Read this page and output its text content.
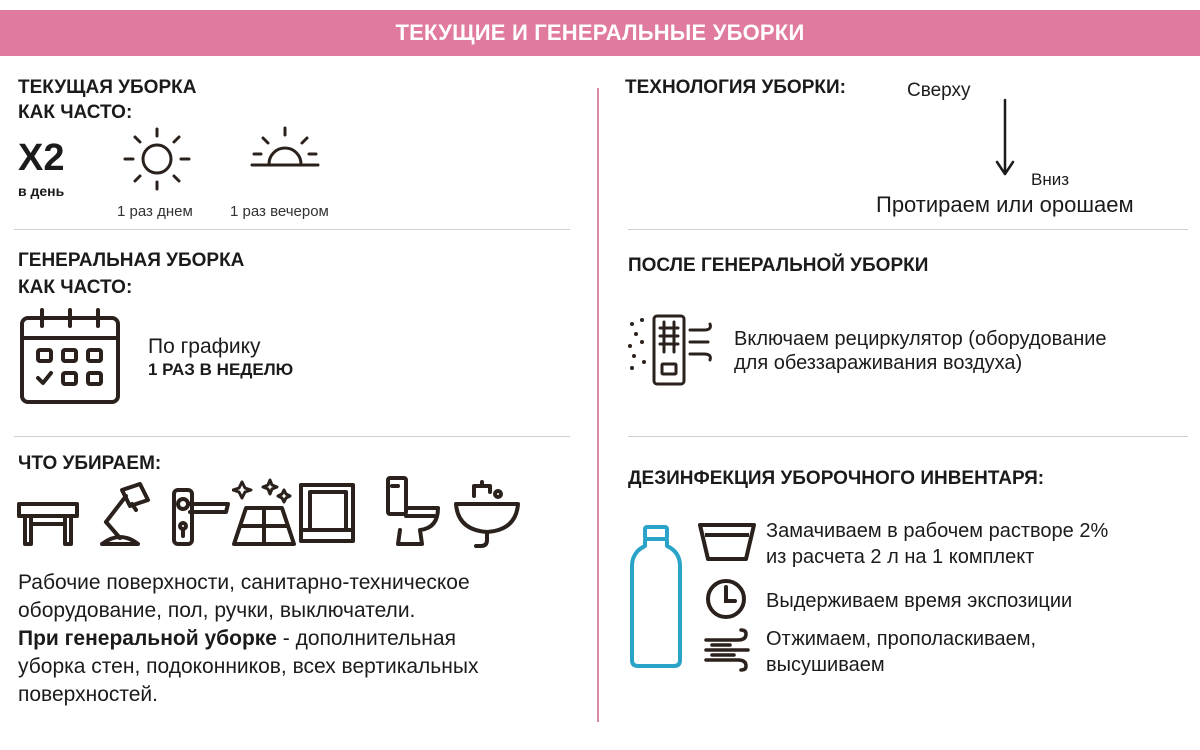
ТЕКУЩИЕ И ГЕНЕРАЛЬНЫЕ УБОРКИ
ТЕКУЩАЯ УБОРКА
КАК ЧАСТО:
Х2
в день
1 раз днем 1 раз вечером
ГЕНЕРАЛЬНАЯ УБОРКА
КАК ЧАСТО:
По графику
1 РАЗ В НЕДЕЛЮ
ЧТО УБИРАЕМ:
Рабочие поверхности, санитарно-техническое
оборудование, пол, ручки, выключатели.
При генеральной уборке - дополнительная
уборка стен, подоконников, всех вертикальных
поверхностей.
ТЕХНОЛОГИЯ УБОРКИ:	Сверху
Вниз
Протираем или орошаем
ПОСЛЕ ГЕНЕРАЛЬНОЙ УБОРКИ
Включаем рециркулятор (оборудование
для обеззараживания воздуха)
ДЕЗИНФЕКЦИЯ УБОРОЧНОГО ИНВЕНТАРЯ:
Замачиваем в рабочем растворе 2%
из расчета 2 л на 1 комплект
Выдерживаем время экспозиции
Отжимаем, прополаскиваем,
высушиваем
